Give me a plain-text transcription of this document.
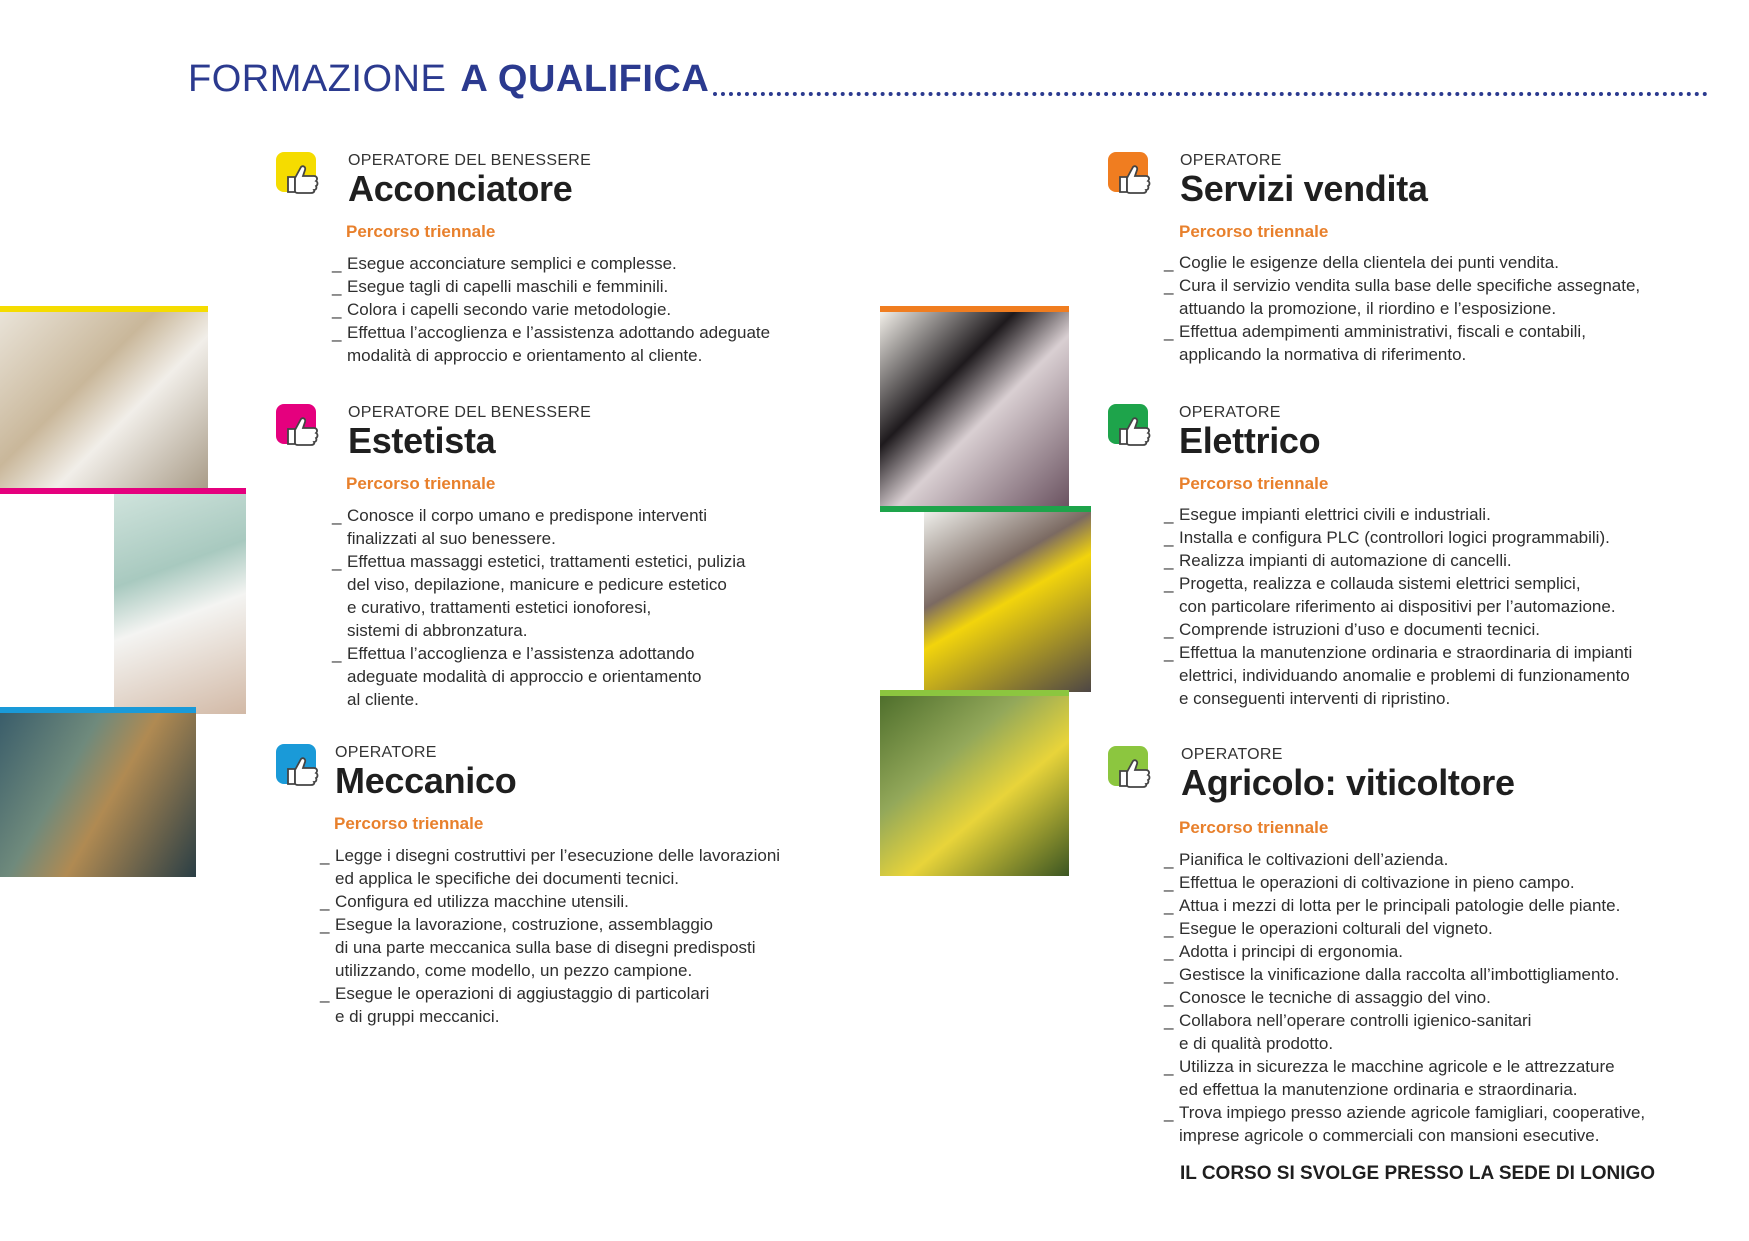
FORMAZIONE A QUALIFICA
OPERATORE DEL BENESSERE
Acconciatore
Percorso triennale
_ Esegue acconciature semplici e complesse.
_ Esegue tagli di capelli maschili e femminili.
_ Colora i capelli secondo varie metodologie.
_ Effettua l’accoglienza e l’assistenza adottando adeguate
modalità di approccio e orientamento al cliente.
OPERATORE DEL BENESSERE
Estetista
Percorso triennale
_ Conosce il corpo umano e predispone interventi
finalizzati al suo benessere.
_ Effettua massaggi estetici, trattamenti estetici, pulizia
del viso, depilazione, manicure e pedicure estetico
e curativo, trattamenti estetici ionoforesi,
sistemi di abbronzatura.
_ Effettua l’accoglienza e l’assistenza adottando
adeguate modalità di approccio e orientamento
al cliente.
OPERATORE
Meccanico
Percorso triennale
_ Legge i disegni costruttivi per l’esecuzione delle lavorazioni
ed applica le specifiche dei documenti tecnici.
_ Configura ed utilizza macchine utensili.
_ Esegue la lavorazione, costruzione, assemblaggio
di una parte meccanica sulla base di disegni predisposti
utilizzando, come modello, un pezzo campione.
_ Esegue le operazioni di aggiustaggio di particolari
e di gruppi meccanici.
OPERATORE
Servizi vendita
Percorso triennale
_ Coglie le esigenze della clientela dei punti vendita.
_ Cura il servizio vendita sulla base delle specifiche assegnate,
attuando la promozione, il riordino e l’esposizione.
_ Effettua adempimenti amministrativi, fiscali e contabili,
applicando la normativa di riferimento.
OPERATORE
Elettrico
Percorso triennale
_ Esegue impianti elettrici civili e industriali.
_ Installa e configura PLC (controllori logici programmabili).
_ Realizza impianti di automazione di cancelli.
_ Progetta, realizza e collauda sistemi elettrici semplici,
con particolare riferimento ai dispositivi per l’automazione.
_ Comprende istruzioni d’uso e documenti tecnici.
_ Effettua la manutenzione ordinaria e straordinaria di impianti
elettrici, individuando anomalie e problemi di funzionamento
e conseguenti interventi di ripristino.
OPERATORE
Agricolo: viticoltore
Percorso triennale
_ Pianifica le coltivazioni dell’azienda.
_ Effettua le operazioni di coltivazione in pieno campo.
_ Attua i mezzi di lotta per le principali patologie delle piante.
_ Esegue le operazioni colturali del vigneto.
_ Adotta i principi di ergonomia.
_ Gestisce la vinificazione dalla raccolta all’imbottigliamento.
_ Conosce le tecniche di assaggio del vino.
_ Collabora nell’operare controlli igienico-sanitari
e di qualità prodotto.
_ Utilizza in sicurezza le macchine agricole e le attrezzature
ed effettua la manutenzione ordinaria e straordinaria.
_ Trova impiego presso aziende agricole famigliari, cooperative,
imprese agricole o commerciali con mansioni esecutive.
IL CORSO SI SVOLGE PRESSO LA SEDE DI LONIGO
